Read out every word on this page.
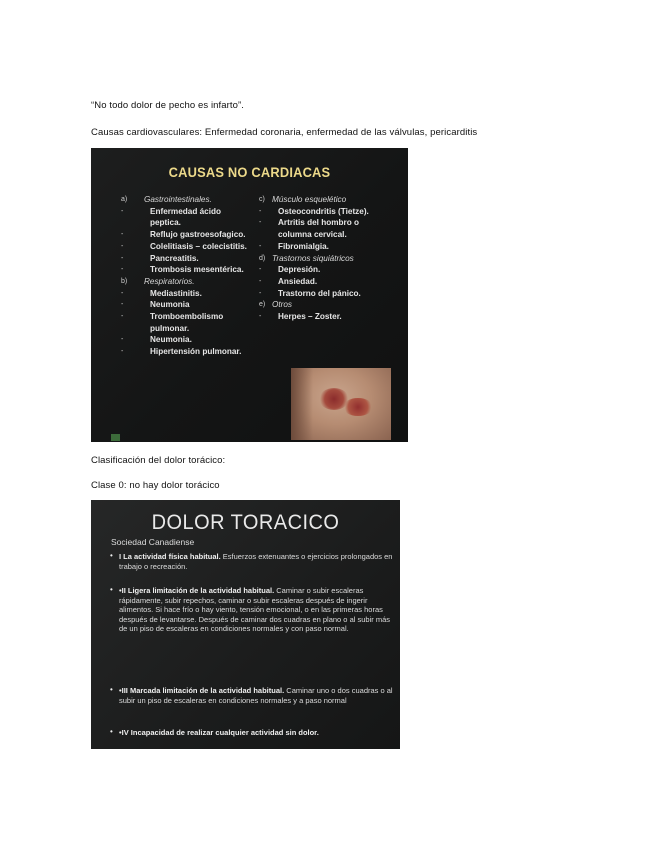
“No todo dolor de pecho es infarto”.
Causas cardiovasculares: Enfermedad coronaria, enfermedad de las válvulas, pericarditis
CAUSAS NO CARDIACAS
a) Gastrointestinales.
-	Enfermedad ácido
peptica.
-	Reflujo gastroesofagico.
-	Colelitiasis – colecistitis.
-	Pancreatitis.
-	Trombosis mesentérica.
b) Respiratorios.
-	Mediastinitis.
-	Neumonia
-	Tromboembolismo
pulmonar.
-	Neumonia.
-	Hipertensión pulmonar.
c) Músculo esquelético
- Osteocondritis (Tietze).
- Artritis del hombro o
columna cervical.
- Fibromialgia.
d) Trastornos siquiátricos
- Depresión.
- Ansiedad.
- Trastorno del pánico.
e) Otros
- Herpes – Zoster.
Clasificación del dolor torácico:
Clase 0: no hay dolor torácico
DOLOR TORACICO
Sociedad Canadiense
• I La actividad física habitual. Esfuerzos extenuantes o ejercicios prolongados en trabajo o recreación.
• •II Ligera limitación de la actividad habitual. Caminar o subir escaleras rápidamente, subir repechos, caminar o subir escaleras después de ingerir alimentos. Si hace frío o hay viento, tensión emocional, o en las primeras horas después de levantarse. Después de caminar dos cuadras en plano o al subir más de un piso de escaleras en condiciones normales y con paso normal.
• •III Marcada limitación de la actividad habitual. Caminar uno o dos cuadras o al subir un piso de escaleras en condiciones normales y a paso normal
• •IV Incapacidad de realizar cualquier actividad sin dolor.
